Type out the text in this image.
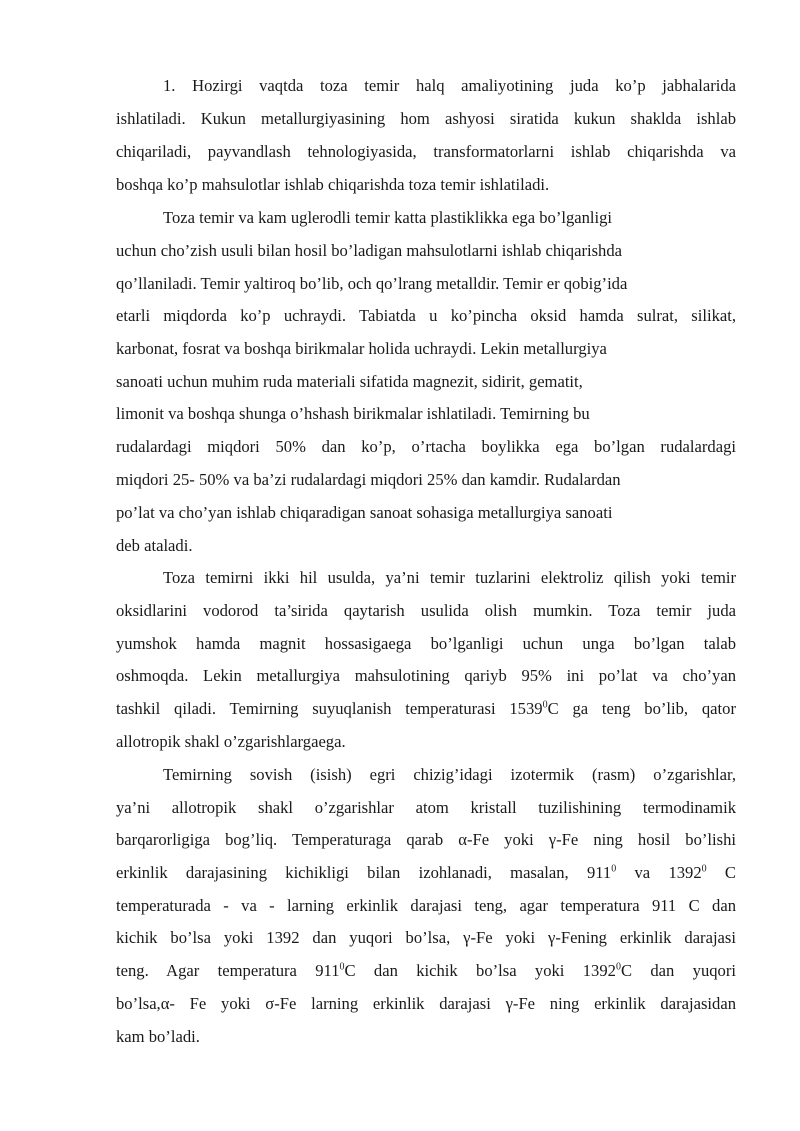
1. Hozirgi vaqtda toza temir halq amaliyotining juda ko’p jabhalarida
ishlatiladi. Kukun metallurgiyasining hom ashyosi siratida kukun shaklda ishlab
chiqariladi, payvandlash tehnologiyasida, transformatorlarni ishlab chiqarishda va
boshqa ko’p mahsulotlar ishlab chiqarishda toza temir ishlatiladi.
Toza temir va kam uglerodli temir katta plastiklikka ega bo’lganligi
uchun cho’zish usuli bilan hosil bo’ladigan mahsulotlarni ishlab chiqarishda
qo’llaniladi. Temir yaltiroq bo’lib, och qo’lrang metalldir. Temir er qobig’ida
etarli miqdorda ko’p uchraydi. Tabiatda u ko’pincha oksid hamda sulrat, silikat,
karbonat, fosrat va boshqa birikmalar holida uchraydi. Lekin metallurgiya
sanoati uchun muhim ruda materiali sifatida magnezit, sidirit, gematit,
limonit va boshqa shunga o’hshash birikmalar ishlatiladi. Temirning bu
rudalardagi miqdori 50% dan ko’p, o’rtacha boylikka ega bo’lgan rudalardagi
miqdori 25- 50% va ba’zi rudalardagi miqdori 25% dan kamdir. Rudalardan
po’lat va cho’yan ishlab chiqaradigan sanoat sohasiga metallurgiya sanoati
deb ataladi.
Toza temirni ikki hil usulda, ya’ni temir tuzlarini elektroliz qilish yoki temir
oksidlarini vodorod ta’sirida qaytarish usulida olish mumkin. Toza temir juda
yumshok hamda magnit hossasigaega bo’lganligi uchun unga bo’lgan talab
oshmoqda. Lekin metallurgiya mahsulotining qariyb 95% ini po’lat va cho’yan
tashkil qiladi. Temirning suyuqlanish temperaturasi 1539$^0$C ga teng bo’lib, qator
allotropik shakl o’zgarishlargaega.
Temirning sovish (isish) egri chizig’idagi izotermik (rasm) o’zgarishlar,
ya’ni allotropik shakl o’zgarishlar atom kristall tuzilishining termodinamik
barqarorligiga bog’liq. Temperaturaga qarab α-Fe yoki γ-Fe ning hosil bo’lishi
erkinlik darajasining kichikligi bilan izohlanadi, masalan, $911^0$ va 1392$^0$ C
temperaturada - va - larning erkinlik darajasi teng, agar temperatura 911 C dan
kichik bo’lsa yoki 1392 dan yuqori bo’lsa, γ-Fe yoki γ-Fening erkinlik darajasi
teng. Agar temperatura $911^0C$ dan kichik bo’lsa yoki 1392$^0$C dan yuqori
bo’lsa,α- Fe yoki σ-Fe larning erkinlik darajasi γ-Fe ning erkinlik darajasidan
kam bo’ladi.
